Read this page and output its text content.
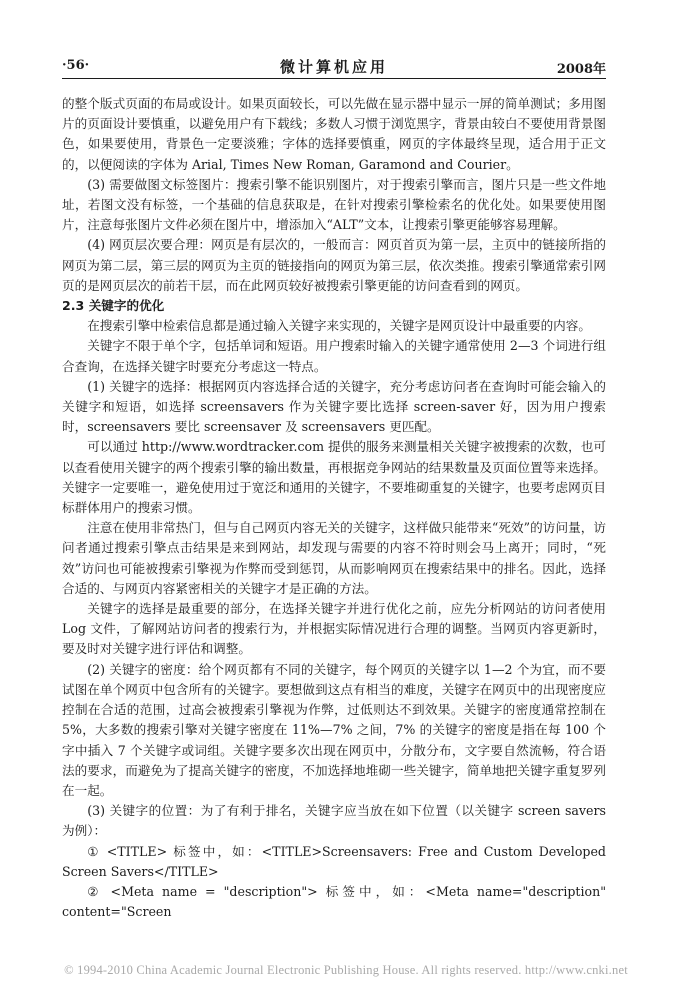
·56·	微计算机应用	2008年

的整个版式页面的布局或设计。如果页面较长，可以先做在显示器中显示一屏的简单测试；多用图片的页面设计要慎重，以避免用户有下载线；多数人习惯于浏览黑字，背景由较白不要使用背景图色，如果要使用，背景色一定要淡雅；字体的选择要慎重，网页的字体最终呈现，适合用于正文的，以便阅读的字体为 Arial, Times New Roman, Garamond and Courier。

(3) 需要做图文标签图片：搜索引擎不能识别图片，对于搜索引擎而言，图片只是一些文件地址，若图文没有标签，一个基础的信息获取是，在针对搜索引擎检索名的优化处。如果要使用图片，注意每张图片文件必须在图片中，增添加入“ALT”文本，让搜索引擎更能够容易理解。

(4) 网页层次要合理：网页是有层次的，一般而言：网页首页为第一层，主页中的链接所指的网页为第二层，第三层的网页为主页的链接指向的网页为第三层，依次类推。搜索引擎通常索引网页的是网页层次的前若干层，而在此网页较好被搜索引擎更能的访问查看到的网页。

2.3 关键字的优化

在搜索引擎中检索信息都是通过输入关键字来实现的，关键字是网页设计中最重要的内容。

关键字不限于单个字，包括单词和短语。用户搜索时输入的关键字通常使用 2—3 个词进行组合查询，在选择关键字时要充分考虑这一特点。

(1) 关键字的选择：根据网页内容选择合适的关键字，充分考虑访问者在查询时可能会输入的关键字和短语，如选择 screensavers 作为关键字要比选择 screen-saver 好，因为用户搜索时，screensavers 要比 screensaver 及 screensavers 更匹配。

可以通过 http://www.wordtracker.com 提供的服务来测量相关关键字被搜索的次数，也可以查看使用关键字的两个搜索引擎的输出数量，再根据竞争网站的结果数量及页面位置等来选择。关键字一定要唯一，避免使用过于宽泛和通用的关键字，不要堆砌重复的关键字，也要考虑网页目标群体用户的搜索习惯。

注意在使用非常热门，但与自己网页内容无关的关键字，这样做只能带来“死效”的访问量，访问者通过搜索引擎点击结果是来到网站，却发现与需要的内容不符时则会马上离开；同时，“死效”访问也可能被搜索引擎视为作弊而受到惩罚，从而影响网页在搜索结果中的排名。因此，选择合适的、与网页内容紧密相关的关键字才是正确的方法。

关键字的选择是最重要的部分，在选择关键字并进行优化之前，应先分析网站的访问者使用 Log 文件，了解网站访问者的搜索行为，并根据实际情况进行合理的调整。当网页内容更新时，要及时对关键字进行评估和调整。

(2) 关键字的密度：给个网页都有不同的关键字，每个网页的关键字以 1—2 个为宜，而不要试图在单个网页中包含所有的关键字。要想做到这点有相当的难度，关键字在网页中的出现密度应控制在合适的范围，过高会被搜索引擎视为作弊，过低则达不到效果。关键字的密度通常控制在 5%，大多数的搜索引擎对关键字密度在 11%—7% 之间，7% 的关键字的密度是指在每 100 个字中插入 7 个关键字或词组。关键字要多次出现在网页中，分散分布，文字要自然流畅，符合语法的要求，而避免为了提高关键字的密度，不加选择地堆砌一些关键字，简单地把关键字重复罗列在一起。

(3) 关键字的位置：为了有利于排名，关键字应当放在如下位置（以关键字 screen savers 为例）：

① <TITLE> 标签中，如：<TITLE>Screensavers: Free and Custom Developed Screen Savers</TITLE>

② <Meta name = "description"> 标签中，如：<Meta name="description" content="Screen

© 1994-2010 China Academic Journal Electronic Publishing House. All rights reserved. http://www.cnki.net
